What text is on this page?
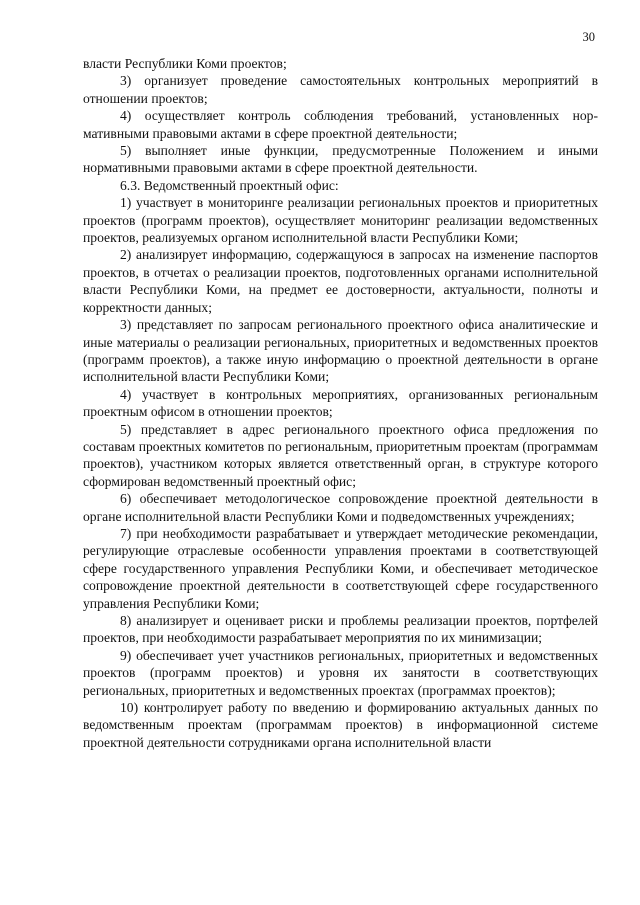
30

власти Республики Коми проектов;

3) организует проведение самостоятельных контрольных мероприятий в отношении проектов;

4) осуществляет контроль соблюдения требований, установленных нормативными правовыми актами в сфере проектной деятельности;

5) выполняет иные функции, предусмотренные Положением и иными нормативными правовыми актами в сфере проектной деятельности.

6.3. Ведомственный проектный офис:

1) участвует в мониторинге реализации региональных проектов и приоритетных проектов (программ проектов), осуществляет мониторинг реализации ведомственных проектов, реализуемых органом исполнительной власти Республики Коми;

2) анализирует информацию, содержащуюся в запросах на изменение паспортов проектов, в отчетах о реализации проектов, подготовленных органами исполнительной власти Республики Коми, на предмет ее достоверности, актуальности, полноты и корректности данных;

3) представляет по запросам регионального проектного офиса аналитические и иные материалы о реализации региональных, приоритетных и ведомственных проектов (программ проектов), а также иную информацию о проектной деятельности в органе исполнительной власти Республики Коми;

4) участвует в контрольных мероприятиях, организованных региональным проектным офисом в отношении проектов;

5) представляет в адрес регионального проектного офиса предложения по составам проектных комитетов по региональным, приоритетным проектам (программам проектов), участником которых является ответственный орган, в структуре которого сформирован ведомственный проектный офис;

6) обеспечивает методологическое сопровождение проектной деятельности в органе исполнительной власти Республики Коми и подведомственных учреждениях;

7) при необходимости разрабатывает и утверждает методические рекомендации, регулирующие отраслевые особенности управления проектами в соответствующей сфере государственного управления Республики Коми, и обеспечивает методическое сопровождение проектной деятельности в соответствующей сфере государственного управления Республики Коми;

8) анализирует и оценивает риски и проблемы реализации проектов, портфелей проектов, при необходимости разрабатывает мероприятия по их минимизации;

9) обеспечивает учет участников региональных, приоритетных и ведомственных проектов (программ проектов) и уровня их занятости в соответствующих региональных, приоритетных и ведомственных проектах (программах проектов);

10) контролирует работу по введению и формированию актуальных данных по ведомственным проектам (программам проектов) в информационной системе проектной деятельности сотрудниками органа исполнительной власти
